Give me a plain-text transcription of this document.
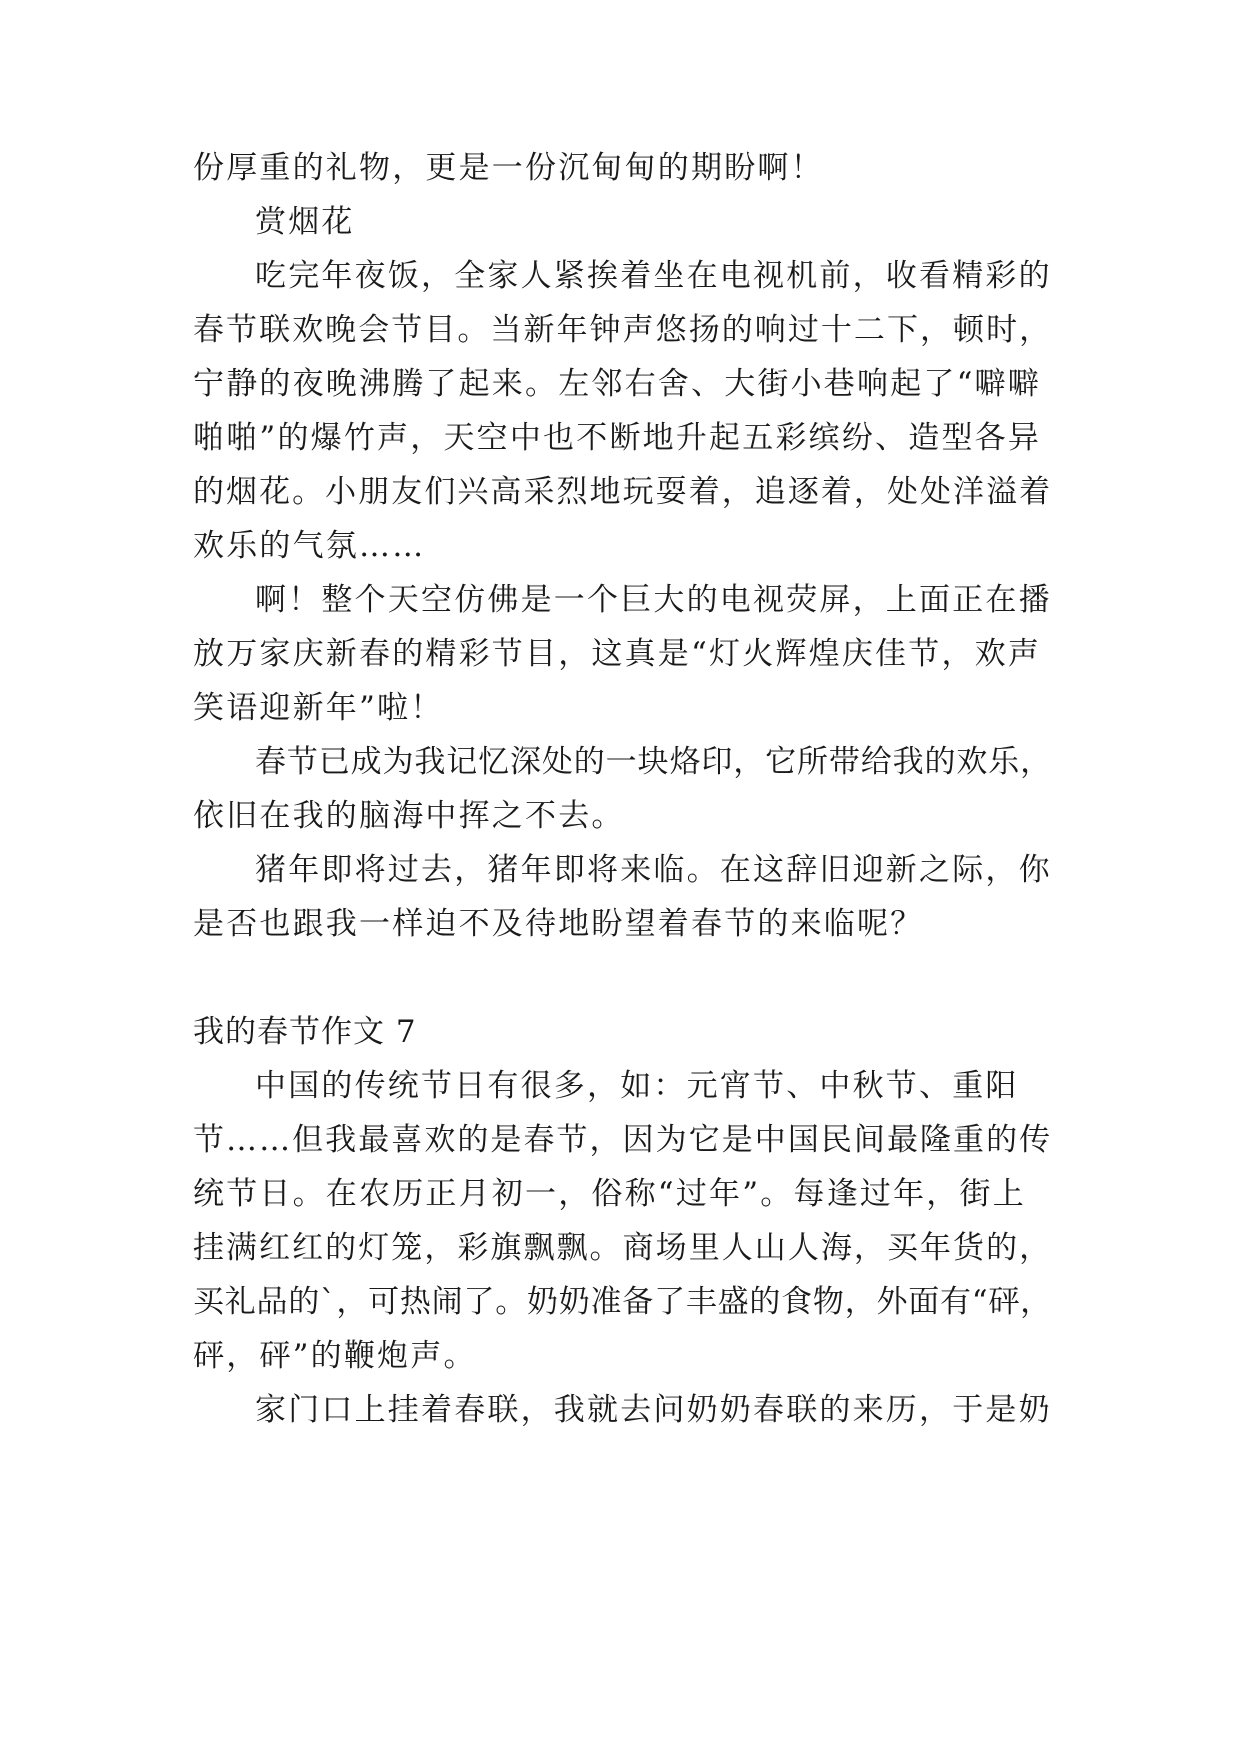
份厚重的礼物，更是一份沉甸甸的期盼啊！
赏烟花
吃完年夜饭，全家人紧挨着坐在电视机前，收看精彩的
春节联欢晚会节目。当新年钟声悠扬的响过十二下，顿时，
宁静的夜晚沸腾了起来。左邻右舍、大街小巷响起了“噼噼
啪啪”的爆竹声，天空中也不断地升起五彩缤纷、造型各异
的烟花。小朋友们兴高采烈地玩耍着，追逐着，处处洋溢着
欢乐的气氛……
啊！整个天空仿佛是一个巨大的电视荧屏，上面正在播
放万家庆新春的精彩节目，这真是“灯火辉煌庆佳节，欢声
笑语迎新年”啦！
春节已成为我记忆深处的一块烙印，它所带给我的欢乐，
依旧在我的脑海中挥之不去。
猪年即将过去，猪年即将来临。在这辞旧迎新之际，你
是否也跟我一样迫不及待地盼望着春节的来临呢？
我的春节作文 7
中国的传统节日有很多，如：元宵节、中秋节、重阳
节……但我最喜欢的是春节，因为它是中国民间最隆重的传
统节日。在农历正月初一，俗称“过年”。每逢过年，街上
挂满红红的灯笼，彩旗飘飘。商场里人山人海，买年货的，
买礼品的`，可热闹了。奶奶准备了丰盛的食物，外面有“砰，
砰，砰”的鞭炮声。
家门口上挂着春联，我就去问奶奶春联的来历，于是奶
